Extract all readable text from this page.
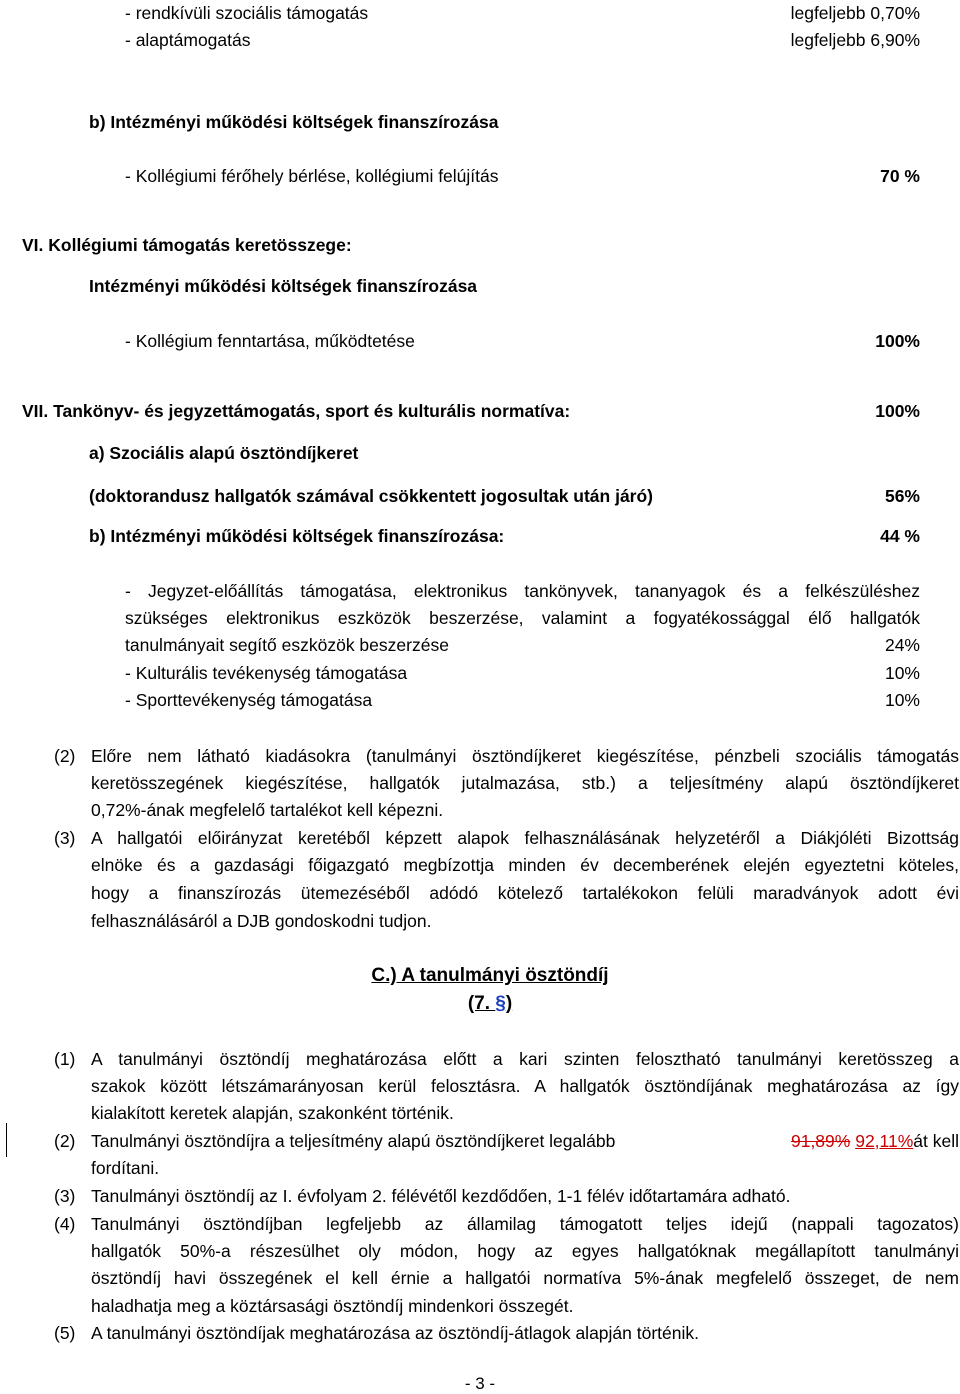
- rendkívüli szociális támogatás	legfeljebb 0,70%
- alaptámogatás	legfeljebb 6,90%
b) Intézményi működési költségek finanszírozása
- Kollégiumi férőhely bérlése, kollégiumi felújítás	70 %
VI. Kollégiumi támogatás keretösszege:
Intézményi működési költségek finanszírozása
- Kollégium fenntartása, működtetése	100%
VII. Tankönyv- és jegyzettámogatás, sport és kulturális normatíva:	100%
a) Szociális alapú ösztöndíjkeret
(doktorandusz hallgatók számával csökkentett jogosultak után járó)	56%
b) Intézményi működési költségek finanszírozása:	44 %
- Jegyzet-előállítás támogatása, elektronikus tankönyvek, tananyagok és a felkészüléshez
szükséges elektronikus eszközök beszerzése, valamint a fogyatékossággal élő hallgatók
tanulmányait segítő eszközök beszerzése	24%
- Kulturális tevékenység támogatása	10%
- Sporttevékenység támogatása	10%
(2) Előre nem látható kiadásokra (tanulmányi ösztöndíjkeret kiegészítése, pénzbeli szociális támogatás
keretösszegének kiegészítése, hallgatók jutalmazása, stb.) a teljesítmény alapú ösztöndíjkeret
0,72%-ának megfelelő tartalékot kell képezni.
(3) A hallgatói előirányzat keretéből képzett alapok felhasználásának helyzetéről a Diákjóléti Bizottság
elnöke és a gazdasági főigazgató megbízottja minden év decemberének elején egyeztetni köteles,
hogy a finanszírozás ütemezéséből adódó kötelező tartalékokon felüli maradványok adott évi
felhasználásáról a DJB gondoskodni tudjon.
C.) A tanulmányi ösztöndíj
(7. §)
(1) A tanulmányi ösztöndíj meghatározása előtt a kari szinten felosztható tanulmányi keretösszeg a
szakok között létszámarányosan kerül felosztásra. A hallgatók ösztöndíjának meghatározása az így
kialakított keretek alapján, szakonként történik.
(2) Tanulmányi ösztöndíjra a teljesítmény alapú ösztöndíjkeret legalább	91,89% 92,11%át kell
fordítani.
(3) Tanulmányi ösztöndíj az I. évfolyam 2. félévétől kezdődően, 1-1 félév időtartamára adható.
(4) Tanulmányi ösztöndíjban legfeljebb az államilag támogatott teljes idejű (nappali tagozatos)
hallgatók 50%-a részesülhet oly módon, hogy az egyes hallgatóknak megállapított tanulmányi
ösztöndíj havi összegének el kell érnie a hallgatói normatíva 5%-ának megfelelő összeget, de nem
haladhatja meg a köztársasági ösztöndíj mindenkori összegét.
(5) A tanulmányi ösztöndíjak meghatározása az ösztöndíj-átlagok alapján történik.
- 3 -
